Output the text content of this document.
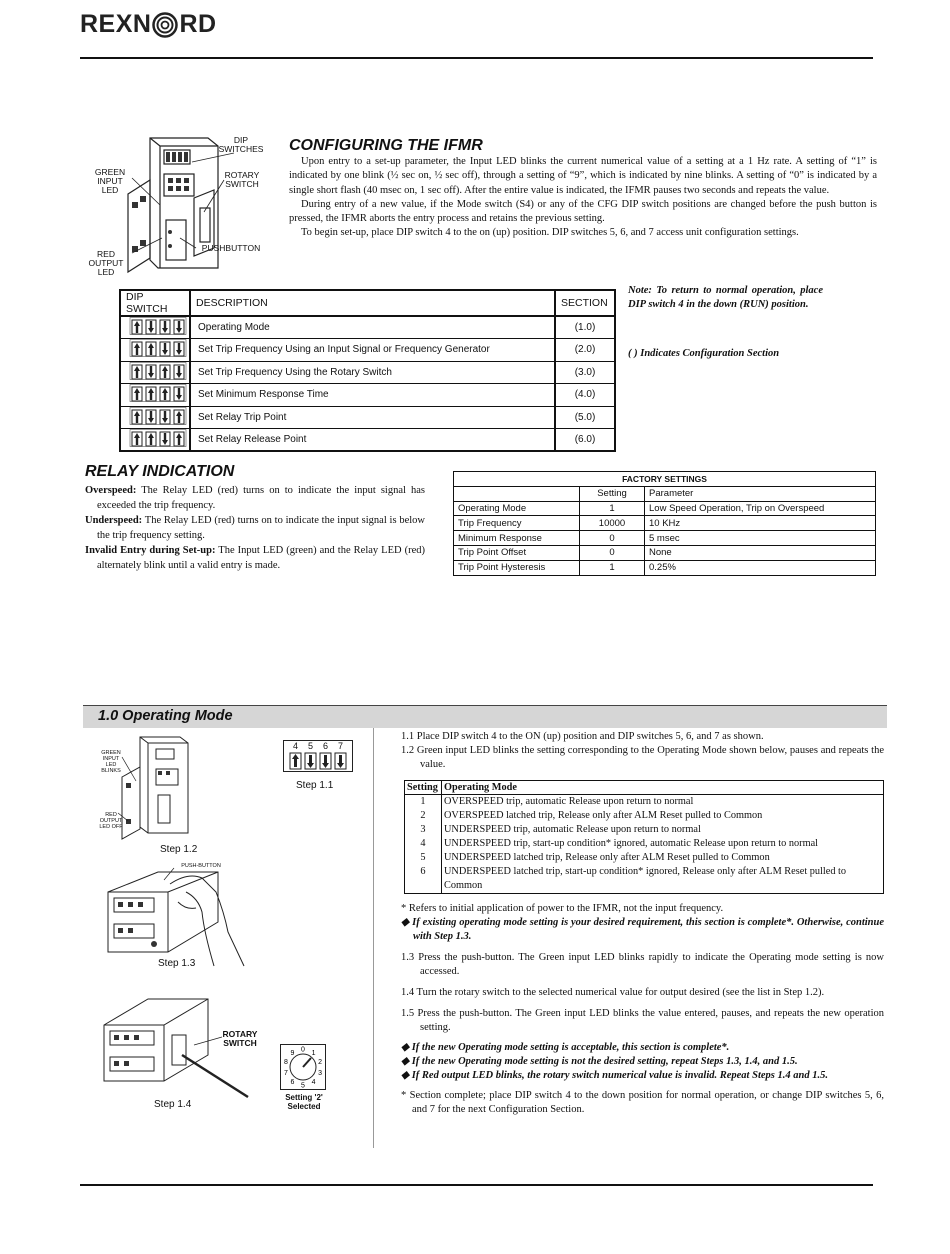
REXN RD
DIP SWITCHES
GREEN INPUT LED
ROTARY SWITCH
RED OUTPUT LED
PUSHBUTTON
CONFIGURING THE IFMR

Upon entry to a set-up parameter, the Input LED blinks the current numerical value of a setting at a 1 Hz rate. A setting of “1” is indicated by one blink (½ sec on, ½ sec off), through a setting of “9”, which is indicated by nine blinks. A setting of “0” is indicated by a single short flash (40 msec on, 1 sec off). After the entire value is indicated, the IFMR pauses two seconds and repeats the value.

During entry of a new value, if the Mode switch (S4) or any of the CFG DIP switch positions are changed before the push button is pressed, the IFMR aborts the entry process and retains the previous setting.

To begin set-up, place DIP switch 4 to the on (up) position. DIP switches 5, 6, and 7 access unit configuration settings.

DIP SWITCH	DESCRIPTION	SECTION
	Operating Mode	(1.0)
	Set Trip Frequency Using an Input Signal or Frequency Generator	(2.0)
	Set Trip Frequency Using the Rotary Switch	(3.0)
	Set Minimum Response Time	(4.0)
	Set Relay Trip Point	(5.0)
	Set Relay Release Point	(6.0)
Note: To return to normal operation, place DIP switch 4 in the down (RUN) position.
( ) Indicates Configuration Section
RELAY INDICATION

Overspeed: The Relay LED (red) turns on to indicate the input signal has exceeded the trip frequency.

Underspeed: The Relay LED (red) turns on to indicate the input signal is below the trip frequency setting.

Invalid Entry during Set-up: The Input LED (green) and the Relay LED (red) alternately blink until a valid entry is made.

FACTORY SETTINGS		
	Setting	Parameter
Operating Mode	1	Low Speed Operation, Trip on Overspeed
Trip Frequency	10000	10 KHz
Minimum Response	0	5 msec
Trip Point Offset	0	None
Trip Point Hysteresis	1	0.25%
1.0 Operating Mode
GREEN INPUT LED BLINKS
RED OUTPUT LED OFF
Step 1.2
4 5 6 7
Step 1.1
PUSH-BUTTON
Step 1.3
ROTARY SWITCH
Step 1.4
0 1
2
3
4
5
6
7
8
9
Setting '2' Selected

1.1 Place DIP switch 4 to the ON (up) position and DIP switches 5, 6, and 7 as shown.

1.2 Green input LED blinks the setting corresponding to the Operating Mode shown below, pauses and repeats the value.

Setting	Operating Mode
1	OVERSPEED trip, automatic Release upon return to normal
2	OVERSPEED latched trip, Release only after ALM Reset pulled to Common
3	UNDERSPEED trip, automatic Release upon return to normal
4	UNDERSPEED trip, start-up condition* ignored, automatic Release upon return to normal
5	UNDERSPEED latched trip, Release only after ALM Reset pulled to Common
6	UNDERSPEED latched trip, start-up condition* ignored, Release only after ALM Reset pulled to Common

* Refers to initial application of power to the IFMR, not the input frequency.

◆ If existing operating mode setting is your desired requirement, this section is complete*. Otherwise, continue with Step 1.3.

1.3 Press the push-button. The Green input LED blinks rapidly to indicate the Operating mode setting is now accessed.

1.4 Turn the rotary switch to the selected numerical value for output desired (see the list in Step 1.2).

1.5 Press the push-button. The Green input LED blinks the value entered, pauses, and repeats the new operation setting.

◆ If the new Operating mode setting is acceptable, this section is complete*.

◆ If the new Operating mode setting is not the desired setting, repeat Steps 1.3, 1.4, and 1.5.

◆ If Red output LED blinks, the rotary switch numerical value is invalid. Repeat Steps 1.4 and 1.5.

* Section complete; place DIP switch 4 to the down position for normal operation, or change DIP switches 5, 6, and 7 for the next Configuration Section.
